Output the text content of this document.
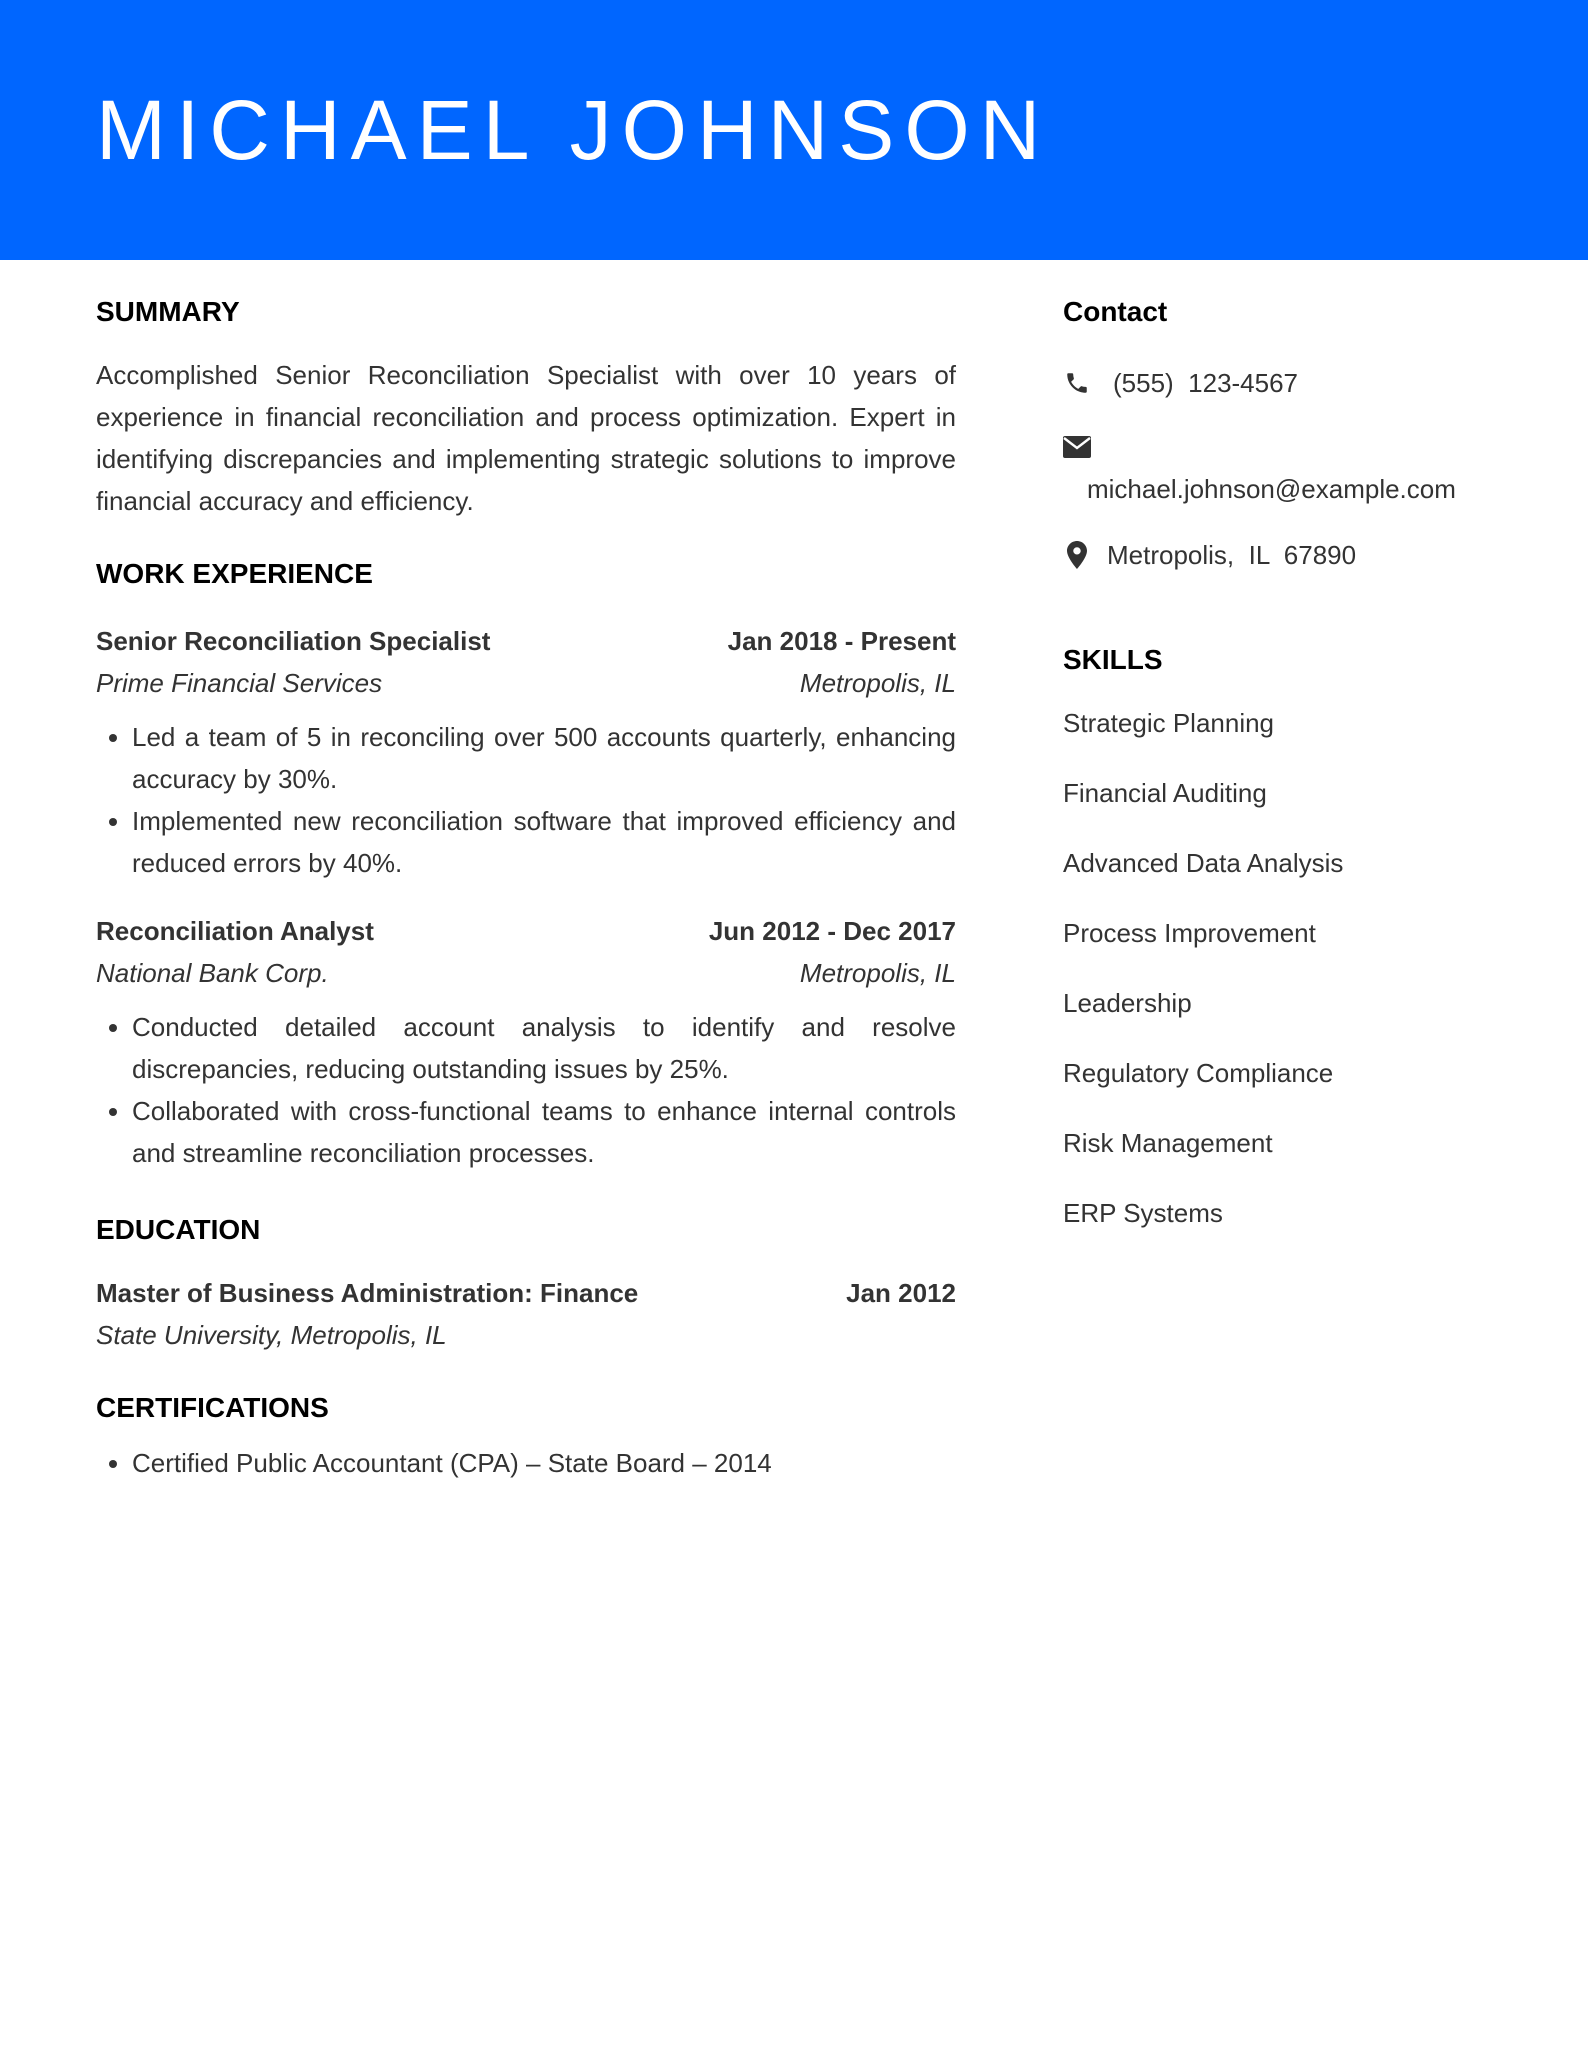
MICHAEL JOHNSON
SUMMARY

Accomplished Senior Reconciliation Specialist with over 10 years of experience in financial reconciliation and process optimization. Expert in identifying discrepancies and implementing strategic solutions to improve financial accuracy and efficiency.

WORK EXPERIENCE
Senior Reconciliation Specialist	Jan 2018 - Present
Prime Financial Services	Metropolis, IL
• Led a team of 5 in reconciling over 500 accounts quarterly, enhancing accuracy by 30%.
• Implemented new reconciliation software that improved efficiency and reduced errors by 40%.
Reconciliation Analyst	Jun 2012 - Dec 2017
National Bank Corp.	Metropolis, IL
• Conducted detailed account analysis to identify and resolve discrepancies, reducing outstanding issues by 25%.
• Collaborated with cross-functional teams to enhance internal controls and streamline reconciliation processes.
EDUCATION
Master of Business Administration: Finance	Jan 2012
State University, Metropolis, IL
CERTIFICATIONS
• Certified Public Accountant (CPA) – State Board – 2014
Contact
(555)  123-4567
michael.johnson@example.com
Metropolis,  IL  67890
SKILLS
Strategic Planning
Financial Auditing
Advanced Data Analysis
Process Improvement
Leadership
Regulatory Compliance
Risk Management
ERP Systems
